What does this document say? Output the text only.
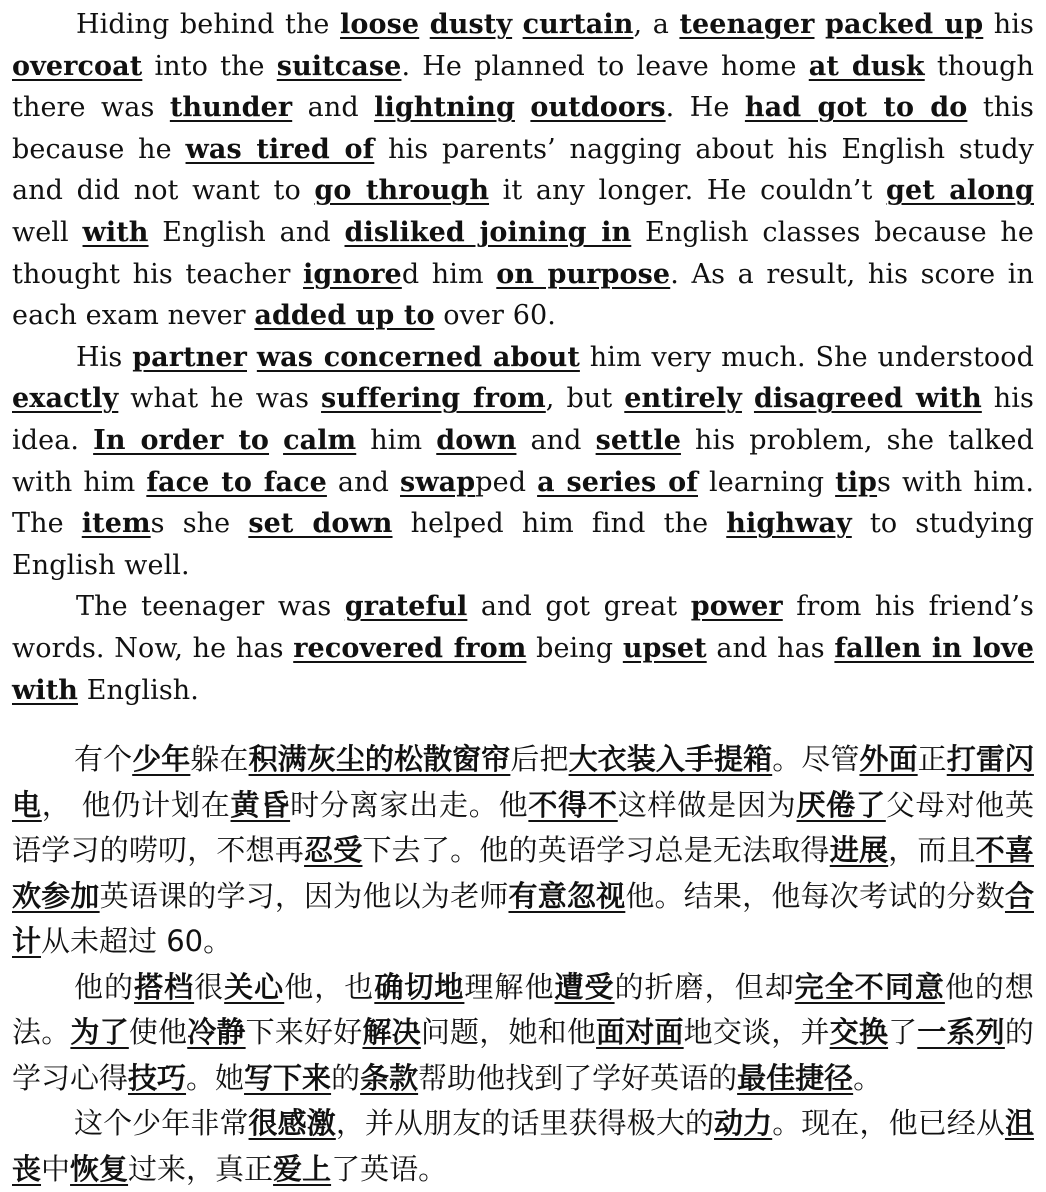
Hiding behind the loose dusty curtain, a teenager packed up his overcoat into the suitcase. He planned to leave home at dusk though there was thunder and lightning outdoors. He had got to do this because he was tired of his parents’ nagging about his English study and did not want to go through it any longer. He couldn’t get along well with English and disliked joining in English classes because he thought his teacher ignored him on purpose. As a result, his score in each exam never added up to over 60.

His partner was concerned about him very much. She understood exactly what he was suffering from, but entirely disagreed with his idea. In order to calm him down and settle his problem, she talked with him face to face and swapped a series of learning tips with him. The items she set down helped him find the highway to studying English well.

The teenager was grateful and got great power from his friend’s words. Now, he has recovered from being upset and has fallen in love with English.

有个少年躲在积满灰尘的松散窗帘后把大衣装入手提箱。尽管外面正打雷闪电， 他仍计划在黄昏时分离家出走。他不得不这样做是因为厌倦了父母对他英语学习的唠叨，不想再忍受下去了。他的英语学习总是无法取得进展，而且不喜欢参加英语课的学习，因为他以为老师有意忽视他。结果，他每次考试的分数合计从未超过 60。

他的搭档很关心他，也确切地理解他遭受的折磨，但却完全不同意他的想法。为了使他冷静下来好好解决问题，她和他面对面地交谈，并交换了一系列的学习心得技巧。她写下来的条款帮助他找到了学好英语的最佳捷径。

这个少年非常很感激，并从朋友的话里获得极大的动力。现在，他已经从沮丧中恢复过来，真正爱上了英语。
